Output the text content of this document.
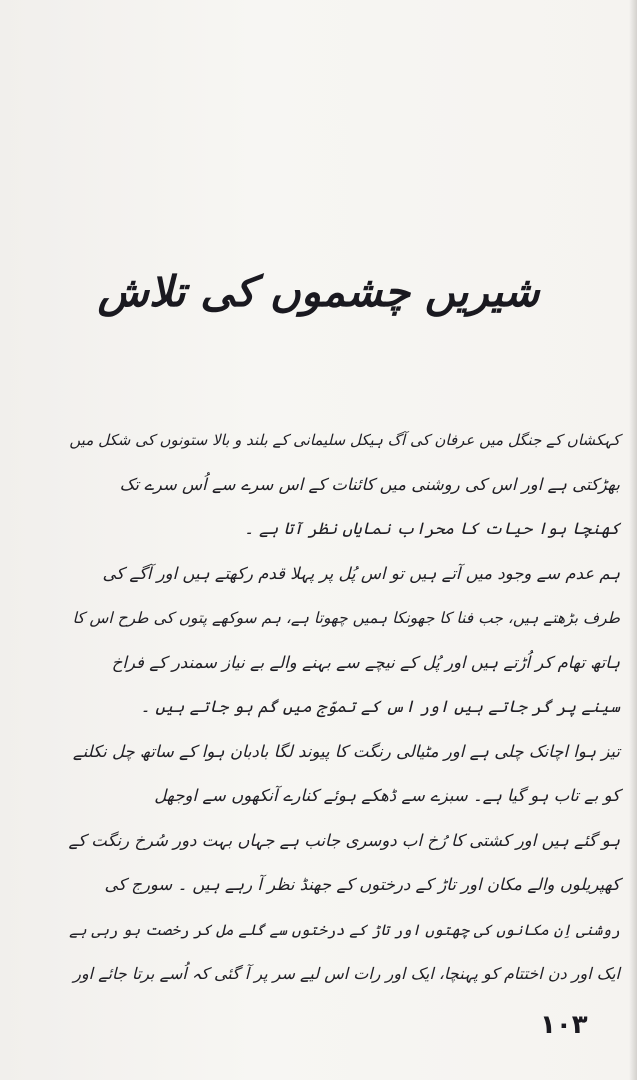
شیریں چشموں کی تلاش
کہکشاں کے جنگل میں عرفان کی آگ ہیکل سلیمانی کے بلند و بالا ستونوں کی شکل میں
بھڑکتی ہے اور اس کی روشنی میں کائنات کے اس سرے سے اُس سرے تک
کھنچا ہوا حیات کا محراب نمایاں نظر آتا ہے ۔
ہم عدم سے وجود میں آتے ہیں تو اس پُل پر پہلا قدم رکھتے ہیں اور آگے کی
طرف بڑھتے ہیں، جب فنا کا جھونکا ہمیں چھوتا ہے، ہم سوکھے پتوں کی طرح اس کا
ہاتھ تھام کر اُڑتے ہیں اور پُل کے نیچے سے بہنے والے بے نیاز سمندر کے فراخ
سینے پر گر جاتے ہیں اور اس کے تموّج میں گم ہو جاتے ہیں ۔
تیز ہوا اچانک چلی ہے اور مٹیالی رنگت کا پیوند لگا بادبان ہوا کے ساتھ چل نکلنے
کو بے تاب ہو گیا ہے۔ سبزے سے ڈھکے ہوئے کنارے آنکھوں سے اوجھل
ہو گئے ہیں اور کشتی کا رُخ اب دوسری جانب ہے جہاں بہت دور سُرخ رنگت کے
کھپریلوں والے مکان اور تاڑ کے درختوں کے جھنڈ نظر آ رہے ہیں ۔ سورج کی
روشنی اِن مکانوں کی چھتوں اور تاڑ کے درختوں سے گلے مل کر رخصت ہو رہی ہے
ایک اور دن اختتام کو پہنچا، ایک اور رات اس لیے سر پر آ گئی کہ اُسے برتا جائے اور
۱۰۳
